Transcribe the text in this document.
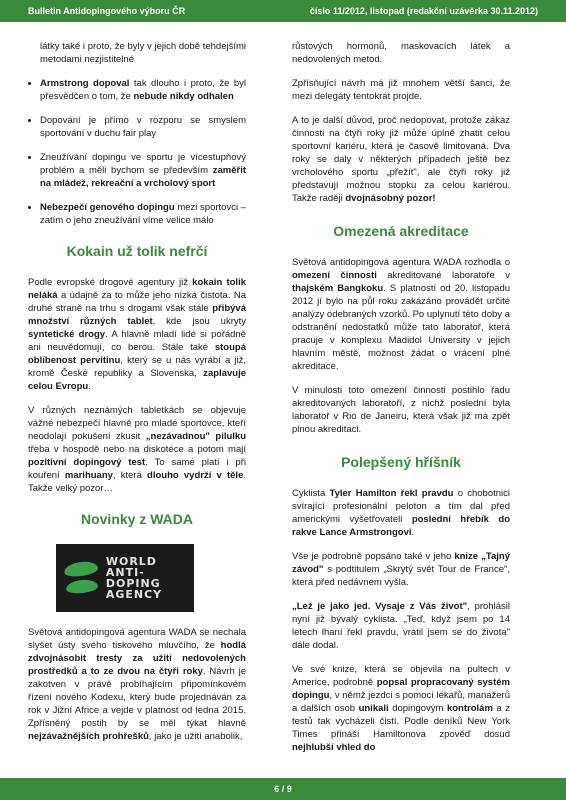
Bulletin Antidopingového výboru ČR	číslo 11/2012, listopad (redakční uzávěrka 30.11.2012)

látky také i proto, že byly v jejich době tehdejšími metodami nezjistitelné

• Armstrong dopoval tak dlouho i proto, že byl přesvědčen o tom, že nebude nikdy odhalen
• Dopování je přímo v rozporu se smyslem sportování v duchu fair play
• Zneužívání dopingu ve sportu je vícestupňový problém a měli bychom se především zaměřit na mládež, rekreační a vrcholový sport
• Nebezpečí genového dopingu mezi sportovci – zatím o jeho zneužívání víme velice málo
Kokain už tolik nefrčí

Podle evropské drogové agentury již kokain tolik neláká a údajně za to může jeho nízká čistota. Na druhé straně na trhu s drogami však stále přibývá množství různých tablet, kde jsou ukryty syntetické drogy. A hlavně mladí lidé si pořádně ani neuvědomují, co berou. Stále také stoupá oblíbenost pervitinu, který se u nás vyrábí a již, kromě České republiky a Slovenska, zaplavuje celou Evropu.

V různých neznámých tabletkách se objevuje vážné nebezpečí hlavně pro mladé sportovce, kteří neodolají pokušení zkusit „nezávadnou" pilulku třeba v hospodě nebo na diskotéce a potom mají pozitivní dopingový test. To samé platí i při kouření marihuany, která dlouho vydrží v těle. Takže velký pozor…

Novinky z WADA
WORLD
ANTI-DOPING
AGENCY

Světová antidopingová agentura WADA se nechala slyšet ústy svého tiskového mluvčího, že hodlá zdvojnásobit tresty za užití nedovolených prostředků a to ze dvou na čtyři roky. Návrh je zakotven v právě probíhajícím připomínkovém řízení nového Kodexu, který bude projednáván za rok v Jižní Africe a vejde v platnost od ledna 2015. Zpřísněný postih by se měl týkat hlavně nejzávažnějších prohřešků, jako je užití anabolik,

růstových hormonů, maskovacích látek a nedovolených metod.

Zpřísňující návrh má již mnohem větší šanci, že mezi delegáty tentokrát projde.

A to je další důvod, proč nedopovat, protože zákaz činnosti na čtyři roky již může úplně zhatit celou sportovní kariéru, která je časově limitovaná. Dva roky se daly v některých případech ještě bez vrcholového sportu „přežít", ale čtyři roky již představují možnou stopku za celou kariérou. Takže raději dvojnásobný pozor!

Omezená akreditace

Světová antidopingová agentura WADA rozhodla o omezení činnosti akreditované laboratoře v thajském Bangkoku. S platností od 20. listopadu 2012 jí bylo na půl roku zakázáno provádět určité analýzy odebraných vzorků. Po uplynutí této doby a odstranění nedostatků může tato laboratoř, která pracuje v komplexu Madidol University v jejich hlavním městě, možnost žádat o vrácení plné akreditace.

V minulosti toto omezení činnosti postihlo řadu akreditovaných laboratoří, z nichž poslední byla laboratoř v Rio de Janeiru, která však již má zpět plnou akreditaci.

Polepšený hříšník

Cyklista Tyler Hamilton řekl pravdu o chobotnici svírající profesionální peloton a tím dal před americkými vyšetřovateli poslední hřebík do rakve Lance Armstrongovi.

Vše je podrobně popsáno také v jeho knize „Tajný závod" s podtitulem „Skrytý svět Tour de France", která před nedávnem vyšla.

„Lež je jako jed. Vysaje z Vás život", prohlásil nyní již bývalý cyklista. „Teď, když jsem po 14 letech lhaní řekl pravdu, vrátil jsem se do života" dále dodal.

Ve své knize, která se objevila na pultech v Americe, podrobně popsal propracovaný systém dopingu, v němž jezdci s pomocí lékařů, manažerů a dalších osob unikali dopingovým kontrolám a z testů tak vycházeli čistí. Podle deníků New York Times přináší Hamiltonova zpověď dosud nejhlubší vhled do

6 / 9
